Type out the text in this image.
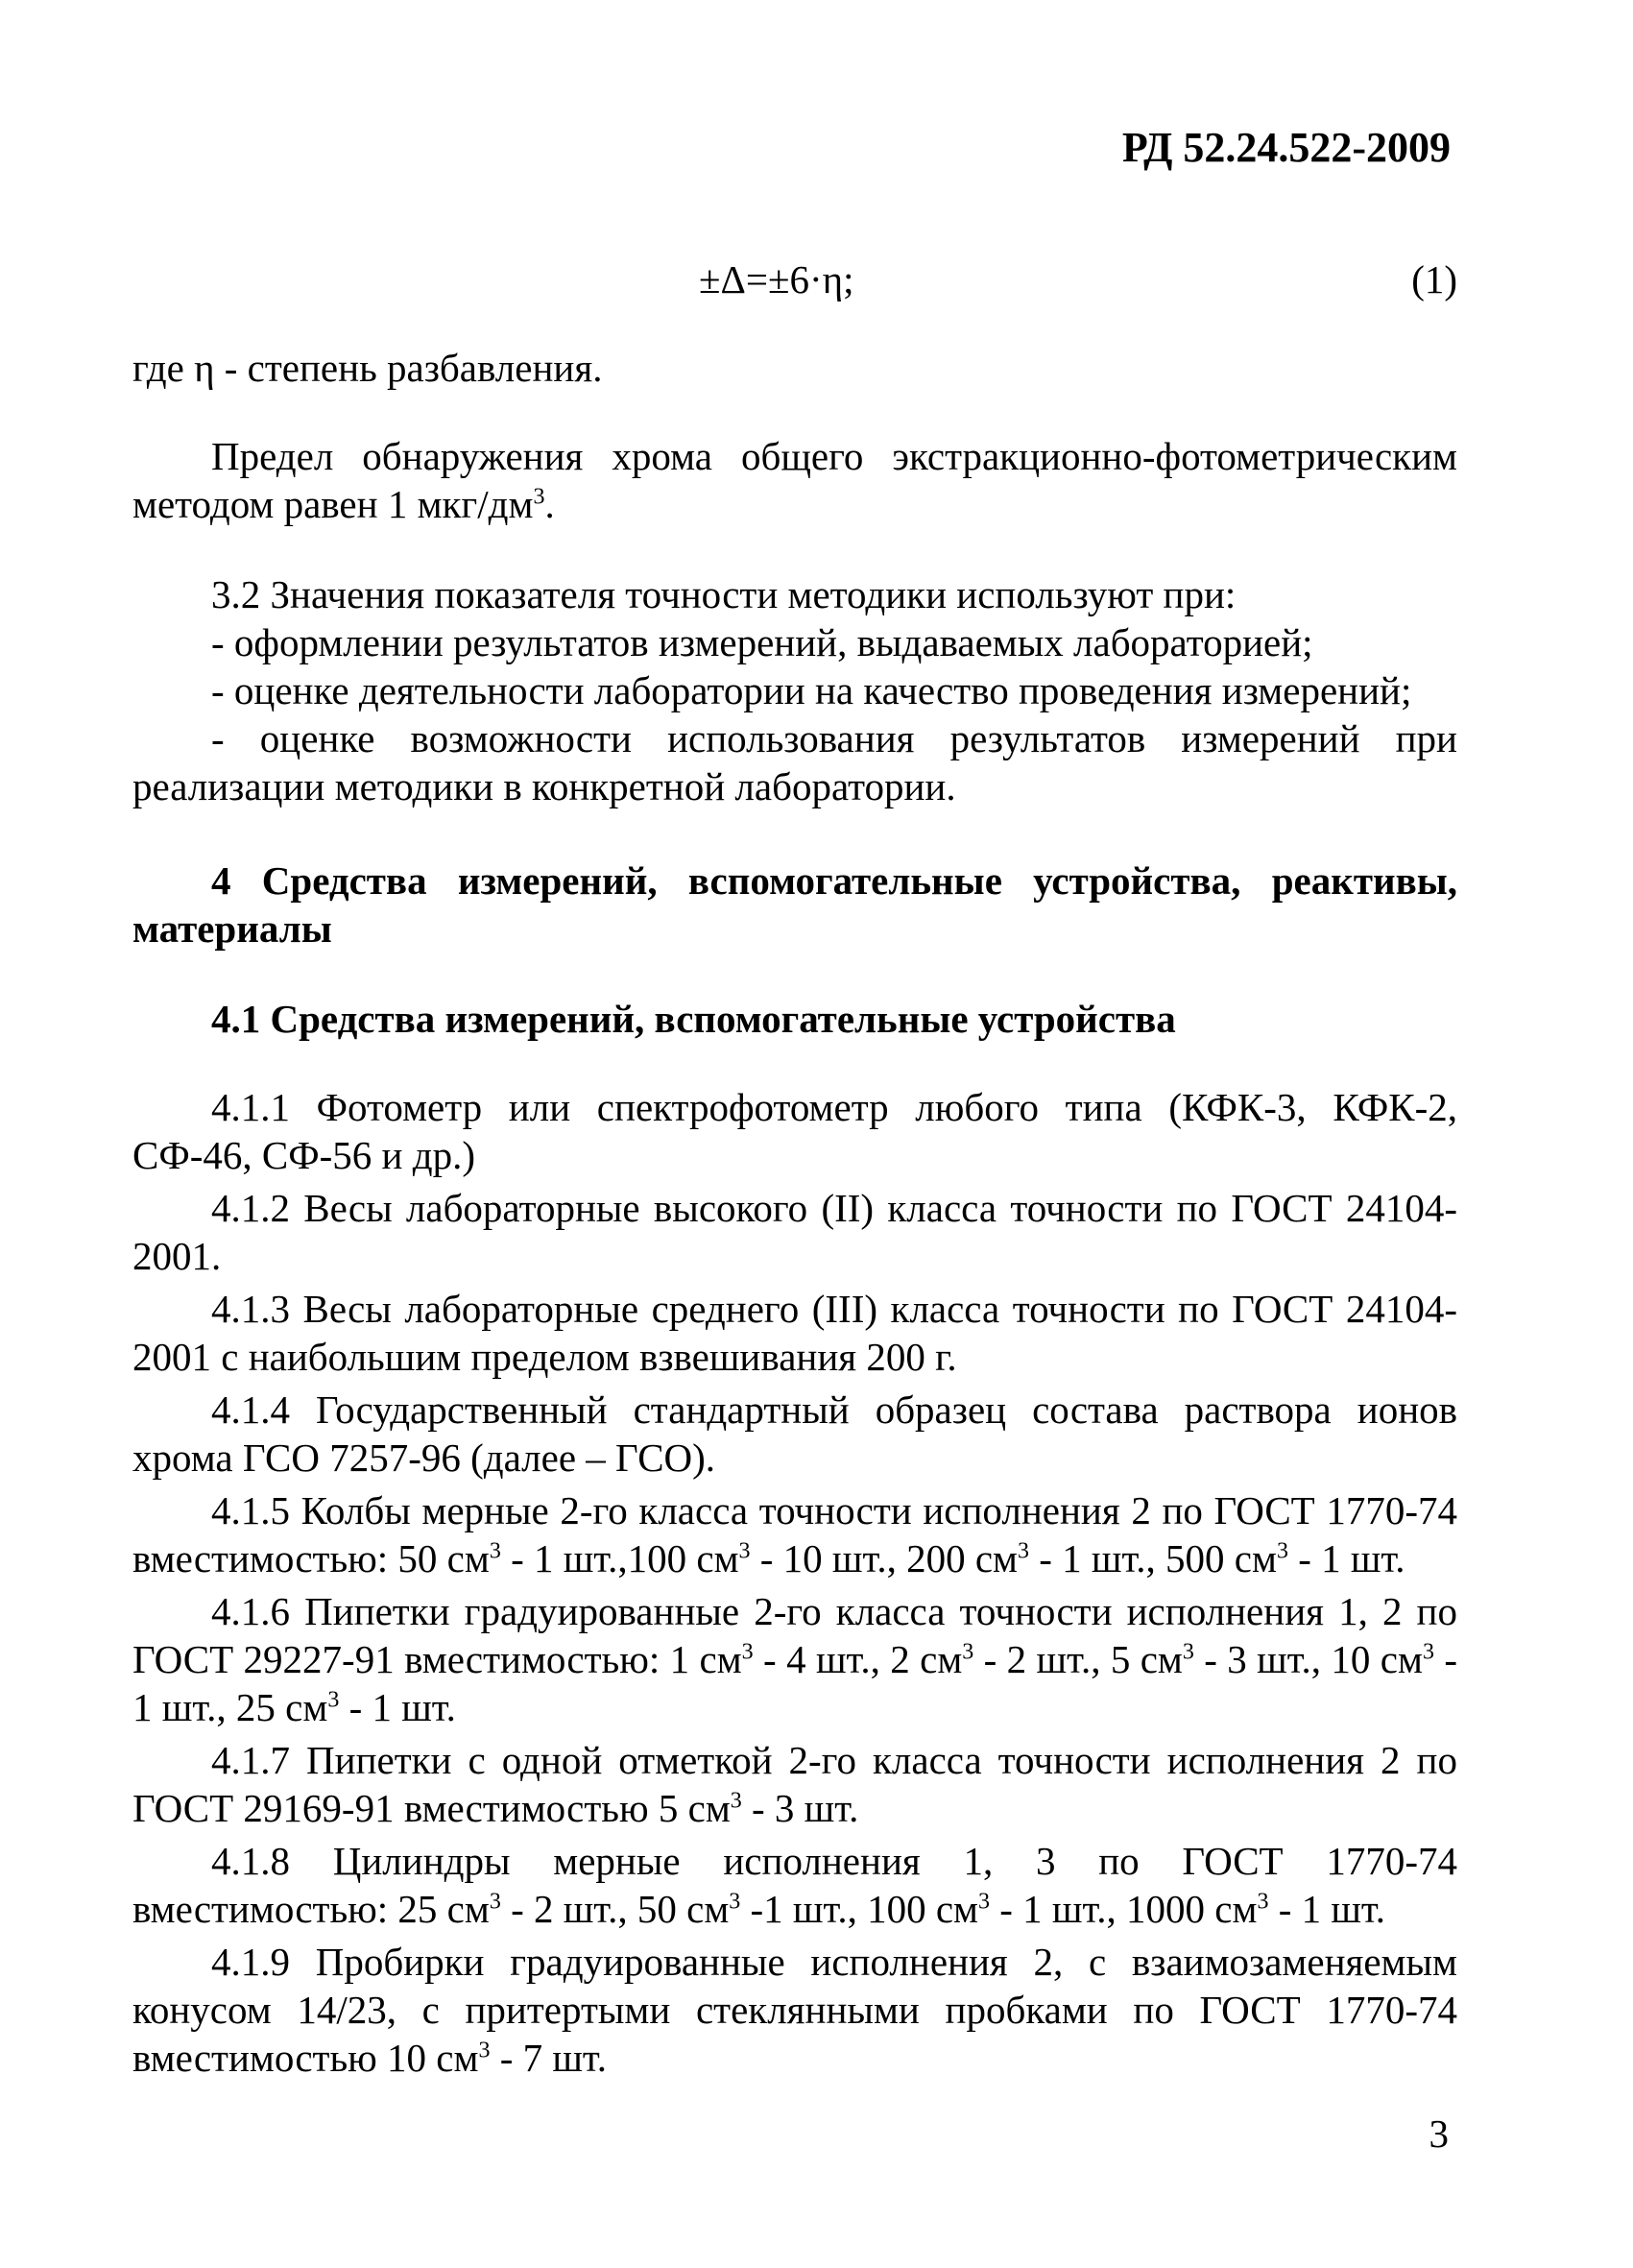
РД 52.24.522-2009
±Δ=±6·η;	(1)

где η - степень разбавления.

Предел обнаружения хрома общего экстракционно-фотометрическим методом равен 1 мкг/$дм^3$.

3.2 Значения показателя точности методики используют при:

- оформлении результатов измерений, выдаваемых лабораторией;

- оценке деятельности лаборатории на качество проведения измерений;

- оценке возможности использования результатов измерений при реализации методики в конкретной лаборатории.

4 Средства измерений, вспомогательные устройства, реактивы, материалы

4.1 Средства измерений, вспомогательные устройства

4.1.1 Фотометр или спектрофотометр любого типа (КФК-3, КФК-2, СФ-46, СФ-56 и др.)

4.1.2 Весы лабораторные высокого (II) класса точности по ГОСТ 24104-2001.

4.1.3 Весы лабораторные среднего (III) класса точности по ГОСТ 24104-2001 с наибольшим пределом взвешивания 200 г.

4.1.4 Государственный стандартный образец состава раствора ионов хрома ГСО 7257-96 (далее – ГСО).

4.1.5 Колбы мерные 2-го класса точности исполнения 2 по ГОСТ 1770-74 вместимостью: 50 $см^3 - 1$ шт.,100 $см^3 - 10$ шт., 200 $см^3 - 1$ шт., 500 $см^3 - 1$ шт.

4.1.6 Пипетки градуированные 2-го класса точности исполнения 1, 2 по ГОСТ 29227-91 вместимостью: 1 $см^3 - 4$ шт., 2 $см^3 - 2$ шт., 5 $см^3 - 3$ шт., 10 $см^3 - 1$ шт., 25 $см^3 - 1$ шт.

4.1.7 Пипетки с одной отметкой 2-го класса точности исполнения 2 по ГОСТ 29169-91 вместимостью 5 $см^3 - 3$ шт.

4.1.8 Цилиндры мерные исполнения 1, 3 по ГОСТ 1770-74 вместимостью: 25 $см^3 - 2$ шт., 50 $см^3$ -1 шт., 100 $см^3 - 1$ шт., 1000 $см^3 - 1$ шт.

4.1.9 Пробирки градуированные исполнения 2, с взаимозаменяемым конусом 14/23, с притертыми стеклянными пробками по ГОСТ 1770-74 вместимостью 10 $см^3 - 7$ шт.

3
